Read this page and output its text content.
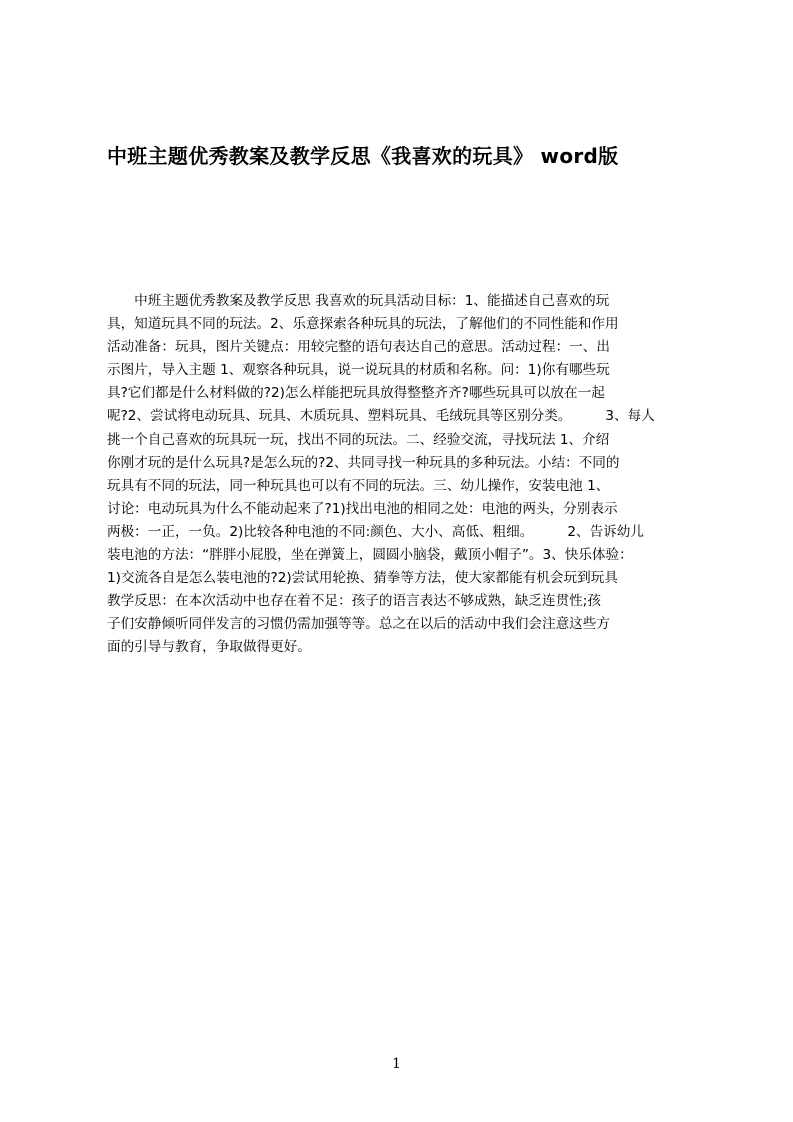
中班主题优秀教案及教学反思《我喜欢的玩具》 word版

　　中班主题优秀教案及教学反思 我喜欢的玩具活动目标：1、能描述自己喜欢的玩

具，知道玩具不同的玩法。2、乐意探索各种玩具的玩法，了解他们的不同性能和作用

活动准备：玩具，图片关键点：用较完整的语句表达自己的意思。活动过程：一、出

示图片，导入主题 1、观察各种玩具，说一说玩具的材质和名称。问：1)你有哪些玩

具?它们都是什么材料做的?2)怎么样能把玩具放得整整齐齐?哪些玩具可以放在一起

呢?2、尝试将电动玩具、玩具、木质玩具、塑料玩具、毛绒玩具等区别分类。　　　3、每人

挑一个自己喜欢的玩具玩一玩，找出不同的玩法。二、经验交流，寻找玩法 1、介绍

你刚才玩的是什么玩具?是怎么玩的?2、共同寻找一种玩具的多种玩法。小结：不同的

玩具有不同的玩法，同一种玩具也可以有不同的玩法。三、幼儿操作，安装电池 1、

讨论：电动玩具为什么不能动起来了?1)找出电池的相同之处：电池的两头，分别表示

两极：一正，一负。2)比较各种电池的不同:颜色、大小、高低、粗细。　　　2、告诉幼儿

装电池的方法：“胖胖小屁股，坐在弹簧上，圆圆小脑袋，戴顶小帽子”。3、快乐体验：

1)交流各自是怎么装电池的?2)尝试用轮换、猜拳等方法，使大家都能有机会玩到玩具

教学反思：在本次活动中也存在着不足：孩子的语言表达不够成熟，缺乏连贯性;孩

子们安静倾听同伴发言的习惯仍需加强等等。总之在以后的活动中我们会注意这些方

面的引导与教育，争取做得更好。

1
